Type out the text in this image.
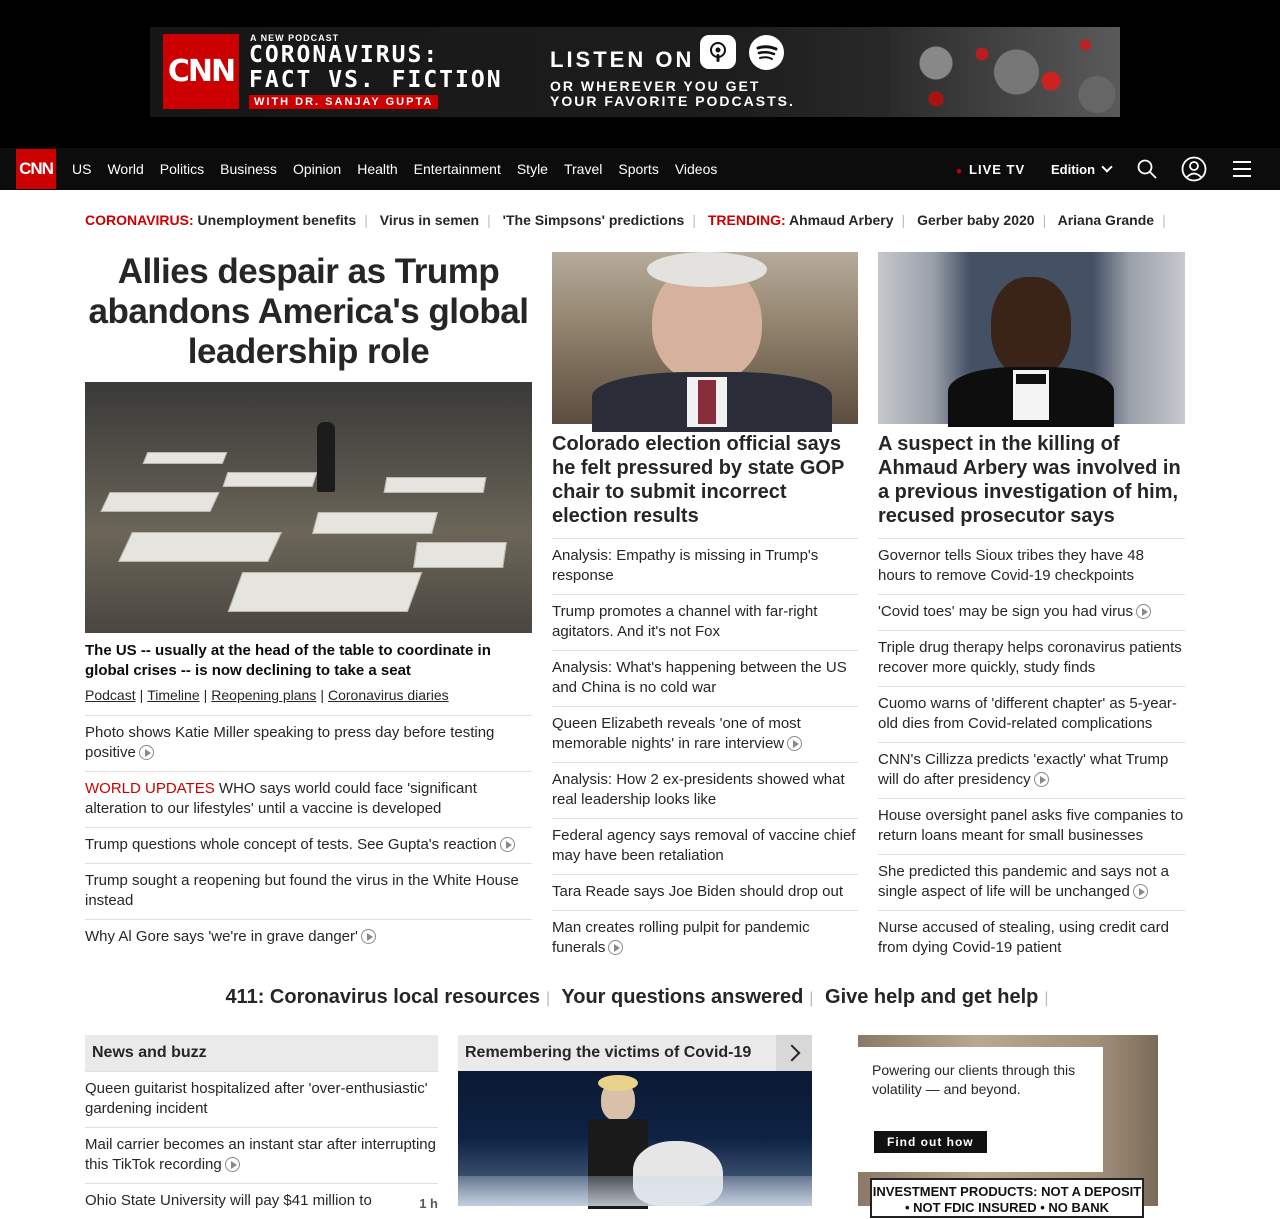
CNN
A NEW PODCAST
CORONAVIRUS:
FACT VS. FICTION
WITH DR. SANJAY GUPTA
LISTEN ON
OR WHEREVER YOU GET
YOUR FAVORITE PODCASTS.
CNN US World Politics Business Opinion Health Entertainment Style Travel Sports Videos	● LIVE TV Edition
CORONAVIRUS: Unemployment benefits | Virus in semen | 'The Simpsons' predictions | TRENDING: Ahmaud Arbery | Gerber baby 2020 | Ariana Grande |
Allies despair as Trump abandons America's global leadership role
The US -- usually at the head of the table to coordinate in global crises -- is now declining to take a seat
Podcast | Timeline | Reopening plans | Coronavirus diaries
Photo shows Katie Miller speaking to press day before testing positive
WORLD UPDATES WHO says world could face 'significant alteration to our lifestyles' until a vaccine is developed
Trump questions whole concept of tests. See Gupta's reaction
Trump sought a reopening but found the virus in the White House instead
Why Al Gore says 'we're in grave danger'
Colorado election official says he felt pressured by state GOP chair to submit incorrect election results
Analysis: Empathy is missing in Trump's response
Trump promotes a channel with far-right agitators. And it's not Fox
Analysis: What's happening between the US and China is no cold war
Queen Elizabeth reveals 'one of most memorable nights' in rare interview
Analysis: How 2 ex-presidents showed what real leadership looks like
Federal agency says removal of vaccine chief may have been retaliation
Tara Reade says Joe Biden should drop out
Man creates rolling pulpit for pandemic funerals
A suspect in the killing of Ahmaud Arbery was involved in a previous investigation of him, recused prosecutor says
Governor tells Sioux tribes they have 48 hours to remove Covid-19 checkpoints
'Covid toes' may be sign you had virus
Triple drug therapy helps coronavirus patients recover more quickly, study finds
Cuomo warns of 'different chapter' as 5-year-old dies from Covid-related complications
CNN's Cillizza predicts 'exactly' what Trump will do after presidency
House oversight panel asks five companies to return loans meant for small businesses
She predicted this pandemic and says not a single aspect of life will be unchanged
Nurse accused of stealing, using credit card from dying Covid-19 patient
411: Coronavirus local resources | Your questions answered | Give help and get help |
News and buzz
Queen guitarist hospitalized after 'over-enthusiastic' gardening incident
Mail carrier becomes an instant star after interrupting this TikTok recording
Ohio State University will pay $41 million to	1 h
Remembering the victims of Covid-19
Powering our clients through this volatility — and beyond.
Find out how
INVESTMENT PRODUCTS: NOT A DEPOSIT
• NOT FDIC INSURED • NO BANK
